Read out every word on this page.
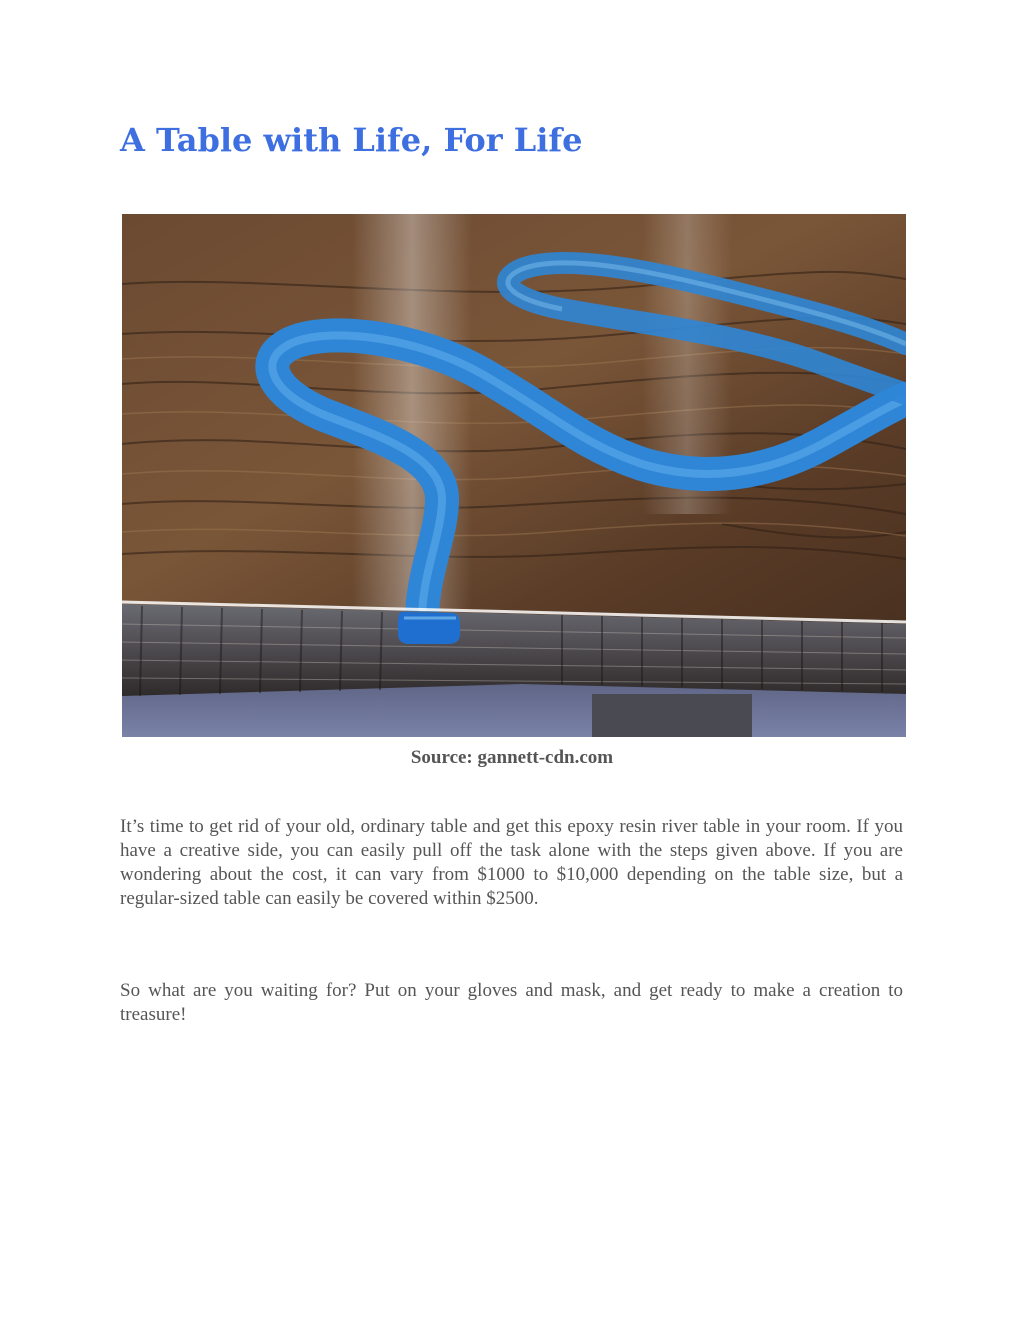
A Table with Life, For Life
Source: gannett-cdn.com

It’s time to get rid of your old, ordinary table and get this epoxy resin river table in your room. If you have a creative side, you can easily pull off the task alone with the steps given above. If you are wondering about the cost, it can vary from $1000 to $10,000 depending on the table size, but a regular-sized table can easily be covered within $2500.

So what are you waiting for? Put on your gloves and mask, and get ready to make a creation to treasure!
